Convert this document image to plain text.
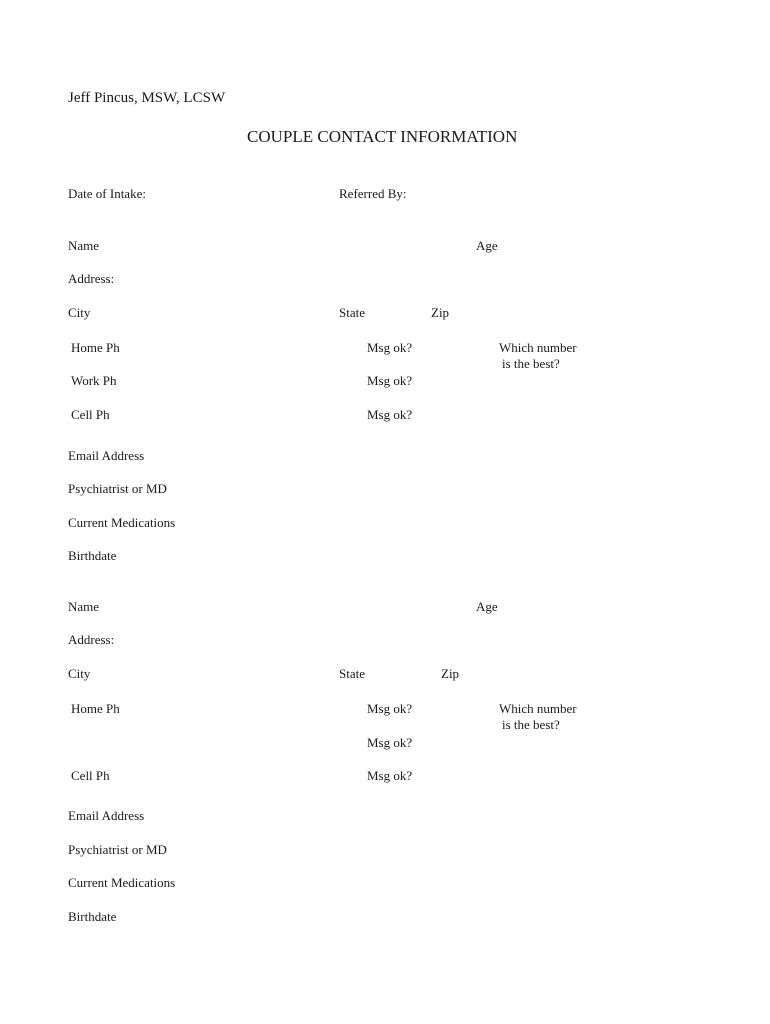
Jeff Pincus, MSW, LCSW
COUPLE CONTACT INFORMATION
Date of Intake:	Referred By:
Name	Age
Address:
City	State	Zip
Home Ph	Msg ok?	Which number
is the best?
Work Ph	Msg ok?
Cell Ph	Msg ok?
Email Address
Psychiatrist or MD
Current Medications
Birthdate
Name	Age
Address:
City	State	Zip
Home Ph	Msg ok?	Which number
is the best?
Msg ok?
Cell Ph	Msg ok?
Email Address
Psychiatrist or MD
Current Medications
Birthdate
